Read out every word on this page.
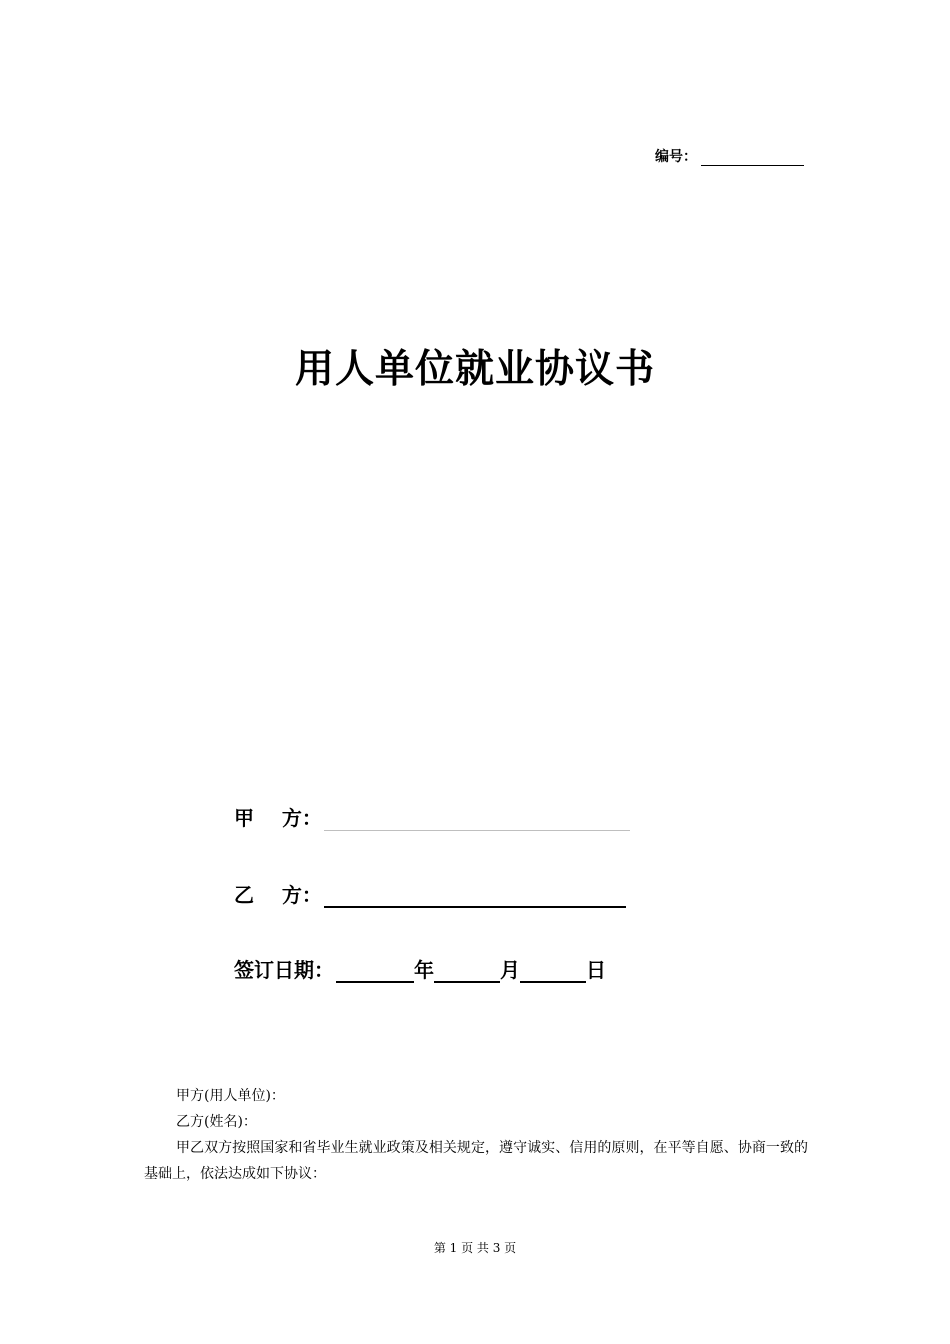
编号：
用人单位就业协议书
甲    方：
乙    方：
签订日期：	年	月	日

甲方(用人单位)：

乙方(姓名)：

甲乙双方按照国家和省毕业生就业政策及相关规定，遵守诚实、信用的原则，在平等自愿、协商一致的基础上，依法达成如下协议：

第 1 页 共 3 页
